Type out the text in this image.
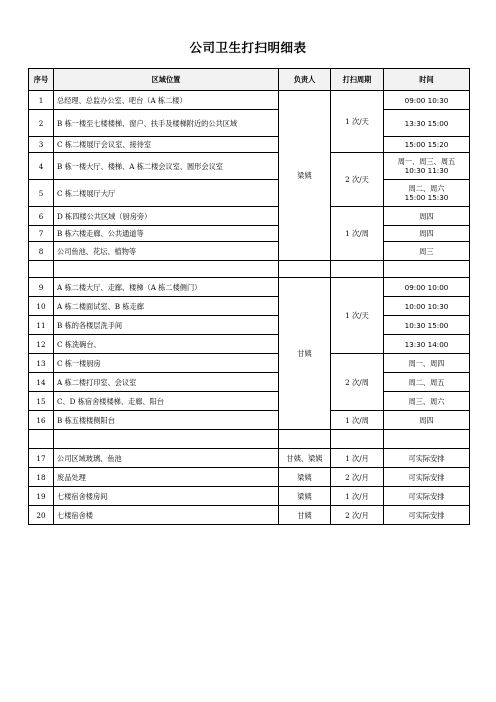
公司卫生打扫明细表
序号	区域位置	负责人	打扫周期	时间
1	总经理、总监办公室、吧台（A 栋二楼）	梁姨	1 次/天	09:00 10:30
2	B 栋一楼至七楼楼梯、窗户、扶手及楼梯附近的公共区域			13:30 15:00
3	C 栋二楼展厅会议室、接待室			15:00 15:20
4	B 栋一楼大厅、楼梯、A 栋二楼会议室、圆形会议室		2 次/天	周一、周三、周五
10:30 11:30

5	C 栋二楼展厅大厅			周二、周六
15:00 15:30

6	D 栋四楼公共区域（厨房旁）		1 次/周	周四
7	B 栋六楼走廊、公共通道等			周四
8	公司鱼池、花坛、植物等			周三

9	A 栋二楼大厅、走廊、楼梯（A 栋二楼侧门）	甘姨	1 次/天	09:00 10:00
10	A 栋二楼面试室、B 栋走廊			10:00 10:30
11	B 栋的各楼层洗手间			10:30 15:00
12	C 栋洗碗台、			13:30 14:00
13	C 栋一楼厨房		2 次/周	周一、周四
14	A 栋二楼打印室、会议室			周二、周五
15	C、D 栋宿舍楼楼梯、走廊、阳台			周三、周六
16	B 栋五楼楼侧阳台		1 次/周	周四

17	公司区域玻璃、鱼池	甘姨、梁姨	1 次/月	可实际安排
18	废品处理	梁姨	2 次/月	可实际安排
19	七楼宿舍楼房间	梁姨	1 次/月	可实际安排
20	七楼宿舍楼	甘姨	2 次/月	可实际安排
